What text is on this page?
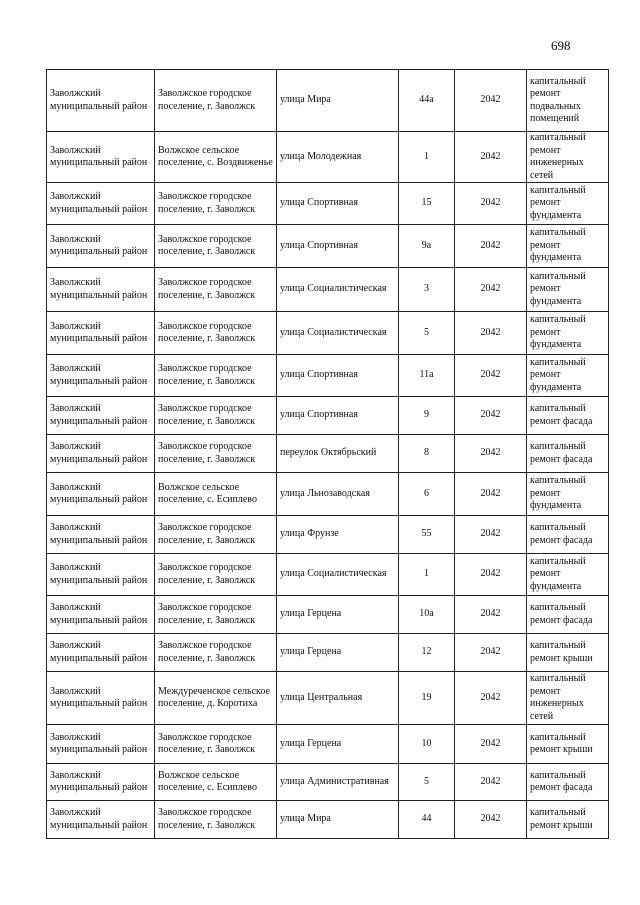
698
Заволжский муниципальный район	Заволжское городское поселение, г. Заволжск	улица Мира	44а	2042	капитальный ремонт подвальных помещений
Заволжский муниципальный район	Волжское сельское поселение, с. Воздвиженье	улица Молодежная	1	2042	капитальный ремонт инженерных сетей
Заволжский муниципальный район	Заволжское городское поселение, г. Заволжск	улица Спортивная	15	2042	капитальный ремонт фундамента
Заволжский муниципальный район	Заволжское городское поселение, г. Заволжск	улица Спортивная	9а	2042	капитальный ремонт фундамента
Заволжский муниципальный район	Заволжское городское поселение, г. Заволжск	улица Социалистическая	3	2042	капитальный ремонт фундамента
Заволжский муниципальный район	Заволжское городское поселение, г. Заволжск	улица Социалистическая	5	2042	капитальный ремонт фундамента
Заволжский муниципальный район	Заволжское городское поселение, г. Заволжск	улица Спортивная	11а	2042	капитальный ремонт фундамента
Заволжский муниципальный район	Заволжское городское поселение, г. Заволжск	улица Спортивная	9	2042	капитальный ремонт фасада
Заволжский муниципальный район	Заволжское городское поселение, г. Заволжск	переулок Октябрьский	8	2042	капитальный ремонт фасада
Заволжский муниципальный район	Волжское сельское поселение, с. Есиплево	улица Льнозаводская	6	2042	капитальный ремонт фундамента
Заволжский муниципальный район	Заволжское городское поселение, г. Заволжск	улица Фрунзе	55	2042	капитальный ремонт фасада
Заволжский муниципальный район	Заволжское городское поселение, г. Заволжск	улица Социалистическая	1	2042	капитальный ремонт фундамента
Заволжский муниципальный район	Заволжское городское поселение, г. Заволжск	улица Герцена	10а	2042	капитальный ремонт фасада
Заволжский муниципальный район	Заволжское городское поселение, г. Заволжск	улица Герцена	12	2042	капитальный ремонт крыши
Заволжский муниципальный район	Междуреченское сельское поселение, д. Коротиха	улица Центральная	19	2042	капитальный ремонт инженерных сетей
Заволжский муниципальный район	Заволжское городское поселение, г. Заволжск	улица Герцена	10	2042	капитальный ремонт крыши
Заволжский муниципальный район	Волжское сельское поселение, с. Есиплево	улица Административная	5	2042	капитальный ремонт фасада
Заволжский муниципальный район	Заволжское городское поселение, г. Заволжск	улица Мира	44	2042	капитальный ремонт крыши
